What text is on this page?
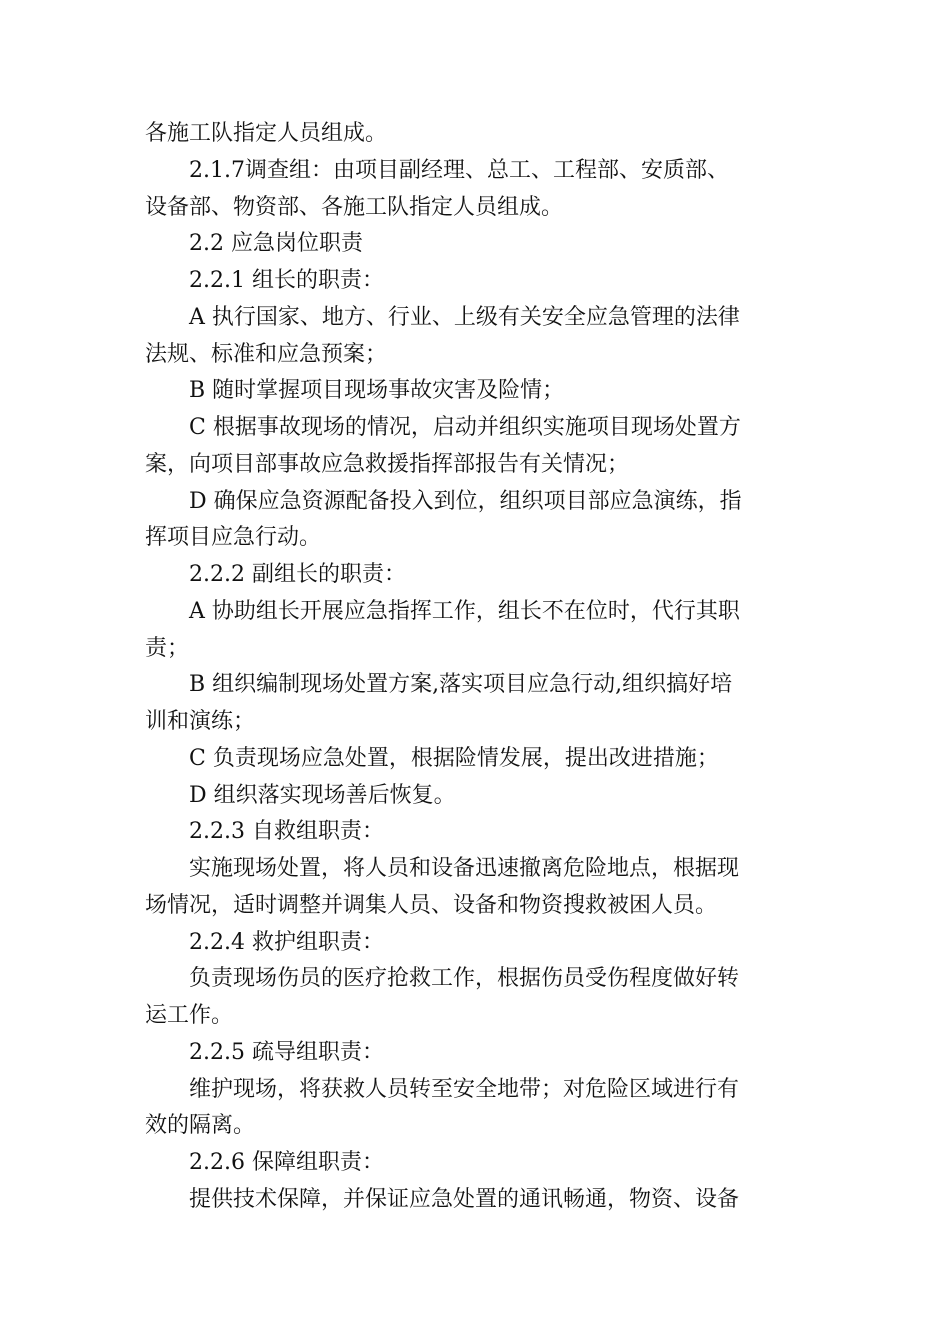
各施工队指定人员组成。
2.1.7调查组：由项目副经理、总工、工程部、安质部、
设备部、物资部、各施工队指定人员组成。
2.2 应急岗位职责
2.2.1 组长的职责：
A 执行国家、地方、行业、上级有关安全应急管理的法律
法规、标准和应急预案；
B 随时掌握项目现场事故灾害及险情；
C 根据事故现场的情况，启动并组织实施项目现场处置方
案，向项目部事故应急救援指挥部报告有关情况；
D 确保应急资源配备投入到位，组织项目部应急演练，指
挥项目应急行动。
2.2.2 副组长的职责：
A 协助组长开展应急指挥工作，组长不在位时，代行其职
责；
B 组织编制现场处置方案,落实项目应急行动,组织搞好培
训和演练；
C 负责现场应急处置，根据险情发展，提出改进措施；
D 组织落实现场善后恢复。
2.2.3 自救组职责：
实施现场处置，将人员和设备迅速撤离危险地点，根据现
场情况，适时调整并调集人员、设备和物资搜救被困人员。
2.2.4 救护组职责：
负责现场伤员的医疗抢救工作，根据伤员受伤程度做好转
运工作。
2.2.5 疏导组职责：
维护现场，将获救人员转至安全地带；对危险区域进行有
效的隔离。
2.2.6 保障组职责：
提供技术保障，并保证应急处置的通讯畅通，物资、设备
